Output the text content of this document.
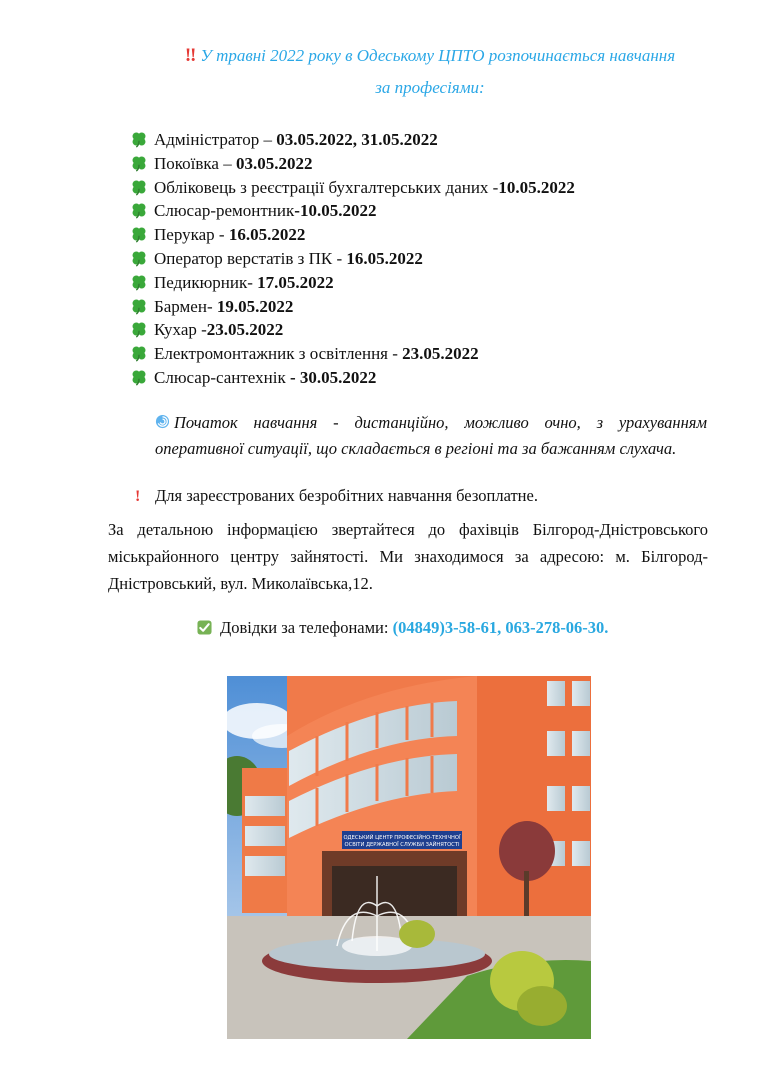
‼ У травні 2022 року в Одеському ЦПТО розпочинається навчання
за професіями:
Адміністратор – 03.05.2022, 31.05.2022
Покоївка – 03.05.2022
Обліковець з реєстрації бухгалтерських даних -10.05.2022
Слюсар-ремонтник-10.05.2022
Перукар - 16.05.2022
Оператор верстатів з ПК - 16.05.2022
Педикюрник- 17.05.2022
Бармен- 19.05.2022
Кухар -23.05.2022
Електромонтажник з освітлення - 23.05.2022
Слюсар-сантехнік - 30.05.2022
Початок навчання - дистанційно, можливо очно, з урахуванням оперативної ситуації, що складається в регіоні та за бажанням слухача.
! Для зареєстрованих безробітних навчання безоплатне.
За детальною інформацією звертайтеся до фахівців Білгород-Дністровського міськрайонного центру зайнятості. Ми знаходимося за адресою: м. Білгород-Дністровський, вул. Миколаївська,12.
Довідки за телефонами: (04849)3-58-61, 063-278-06-30.
ОДЕСЬКИЙ ЦЕНТР ПРОФЕСІЙНО-ТЕХНІЧНОЇ
ОСВІТИ ДЕРЖАВНОЇ СЛУЖБИ ЗАЙНЯТОСТІ
